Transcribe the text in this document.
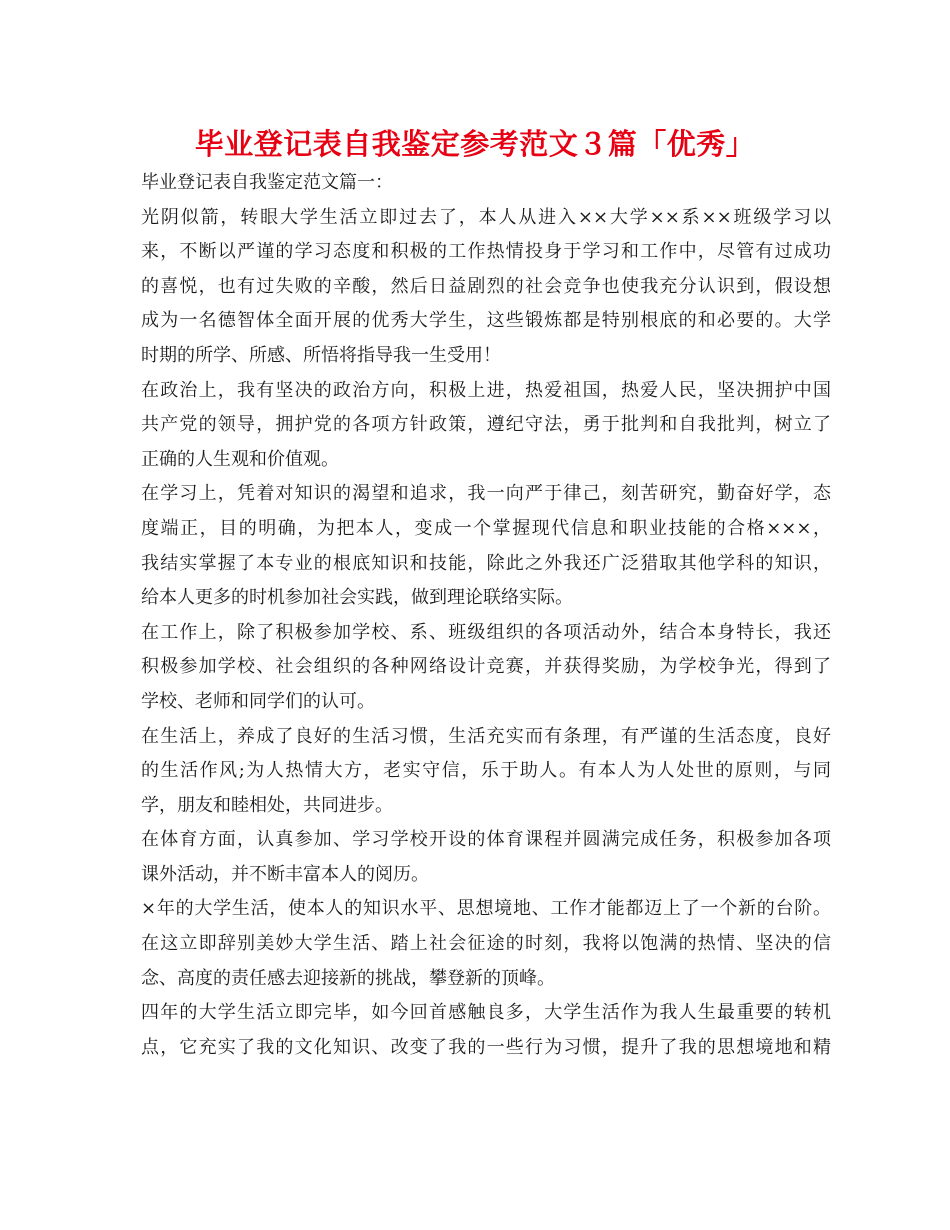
毕业登记表自我鉴定参考范文３篇「优秀」
毕业登记表自我鉴定范文篇一：
光阴似箭，转眼大学生活立即过去了，本人从进入××大学××系××班级学习以
来，不断以严谨的学习态度和积极的工作热情投身于学习和工作中，尽管有过成功
的喜悦，也有过失败的辛酸，然后日益剧烈的社会竞争也使我充分认识到，假设想
成为一名德智体全面开展的优秀大学生，这些锻炼都是特别根底的和必要的。大学
时期的所学、所感、所悟将指导我一生受用！
在政治上，我有坚决的政治方向，积极上进，热爱祖国，热爱人民，坚决拥护中国
共产党的领导，拥护党的各项方针政策，遵纪守法，勇于批判和自我批判，树立了
正确的人生观和价值观。
在学习上，凭着对知识的渴望和追求，我一向严于律己，刻苦研究，勤奋好学，态
度端正，目的明确，为把本人，变成一个掌握现代信息和职业技能的合格×××，
我结实掌握了本专业的根底知识和技能，除此之外我还广泛猎取其他学科的知识，
给本人更多的时机参加社会实践，做到理论联络实际。
在工作上，除了积极参加学校、系、班级组织的各项活动外，结合本身特长，我还
积极参加学校、社会组织的各种网络设计竞赛，并获得奖励，为学校争光，得到了
学校、老师和同学们的认可。
在生活上，养成了良好的生活习惯，生活充实而有条理，有严谨的生活态度，良好
的生活作风;为人热情大方，老实守信，乐于助人。有本人为人处世的原则，与同
学，朋友和睦相处，共同进步。
在体育方面，认真参加、学习学校开设的体育课程并圆满完成任务，积极参加各项
课外活动，并不断丰富本人的阅历。
×年的大学生活，使本人的知识水平、思想境地、工作才能都迈上了一个新的台阶。
在这立即辞别美妙大学生活、踏上社会征途的时刻，我将以饱满的热情、坚决的信
念、高度的责任感去迎接新的挑战，攀登新的顶峰。
四年的大学生活立即完毕，如今回首感触良多，大学生活作为我人生最重要的转机
点，它充实了我的文化知识、改变了我的一些行为习惯，提升了我的思想境地和精
